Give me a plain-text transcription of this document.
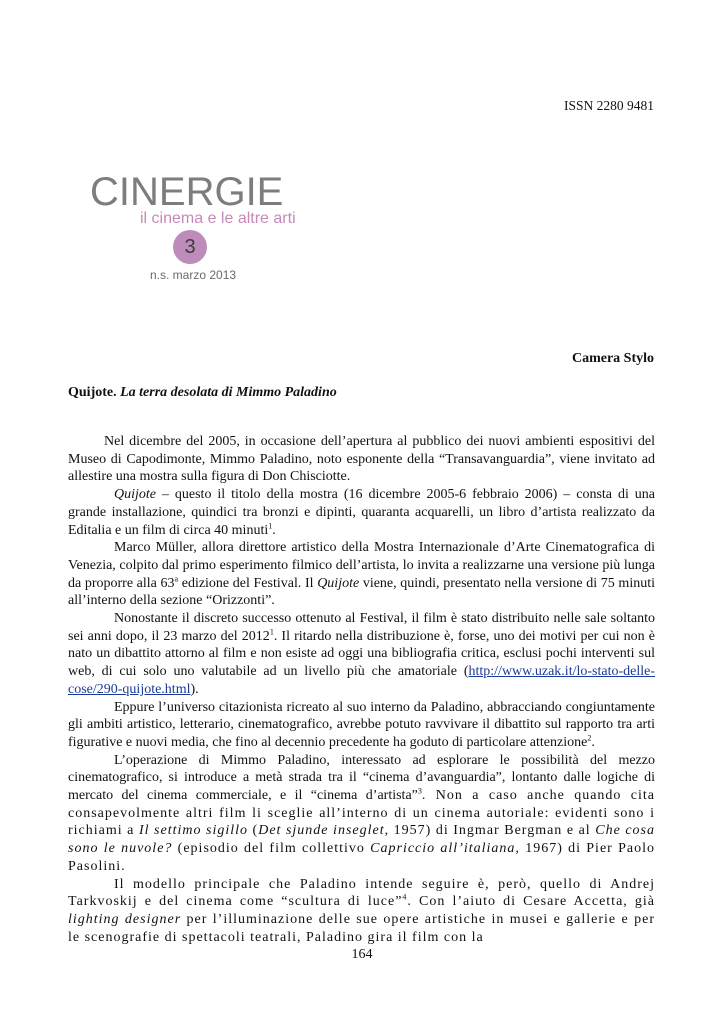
ISSN 2280 9481
CINERGIE
il cinema e le altre arti
3
n.s. marzo 2013
Camera Stylo
Quijote. La terra desolata di Mimmo Paladino

Nel dicembre del 2005, in occasione dell’apertura al pubblico dei nuovi ambienti espositivi del Museo di Capodimonte, Mimmo Paladino, noto esponente della “Transavanguardia”, viene invitato ad allestire una mostra sulla figura di Don Chisciotte.

Quijote – questo il titolo della mostra (16 dicembre 2005-6 febbraio 2006) – consta di una grande installazione, quindici tra bronzi e dipinti, quaranta acquarelli, un libro d’artista realizzato da Editalia e un film di circa 40 minuti$^1$.

Marco Müller, allora direttore artistico della Mostra Internazionale d’Arte Cinematografica di Venezia, colpito dal primo esperimento filmico dell’artista, lo invita a realizzarne una versione più lunga da proporre alla 63$^a$ edizione del Festival. Il Quijote viene, quindi, presentato nella versione di 75 minuti all’interno della sezione “Orizzonti”.

Nonostante il discreto successo ottenuto al Festival, il film è stato distribuito nelle sale soltanto sei anni dopo, il 23 marzo del 2012$^1$. Il ritardo nella distribuzione è, forse, uno dei motivi per cui non è nato un dibattito attorno al film e non esiste ad oggi una bibliografia critica, esclusi pochi interventi sul web, di cui solo uno valutabile ad un livello più che amatoriale (http://www.uzak.it/lo-stato-delle-cose/290-quijote.html).

Eppure l’universo citazionista ricreato al suo interno da Paladino, abbracciando congiuntamente gli ambiti artistico, letterario, cinematografico, avrebbe potuto ravvivare il dibattito sul rapporto tra arti figurative e nuovi media, che fino al decennio precedente ha goduto di particolare attenzione$^2$.

L’operazione di Mimmo Paladino, interessato ad esplorare le possibilità del mezzo cinematografico, si introduce a metà strada tra il “cinema d’avanguardia”, lontanto dalle logiche di mercato del cinema commerciale, e il “cinema d’artista”$^3$. Non a caso anche quando cita consapevolmente altri film li sceglie all’interno di un cinema autoriale: evidenti sono i richiami a Il settimo sigillo (Det sjunde inseglet, 1957) di Ingmar Bergman e al Che cosa sono le nuvole? (episodio del film collettivo Capriccio all’italiana, 1967) di Pier Paolo Pasolini.

Il modello principale che Paladino intende seguire è, però, quello di Andrej Tarkvoskij e del cinema come “scultura di luce”$^4$. Con l’aiuto di Cesare Accetta, già lighting designer per l’illuminazione delle sue opere artistiche in musei e gallerie e per le scenografie di spettacoli teatrali, Paladino gira il film con la

164
